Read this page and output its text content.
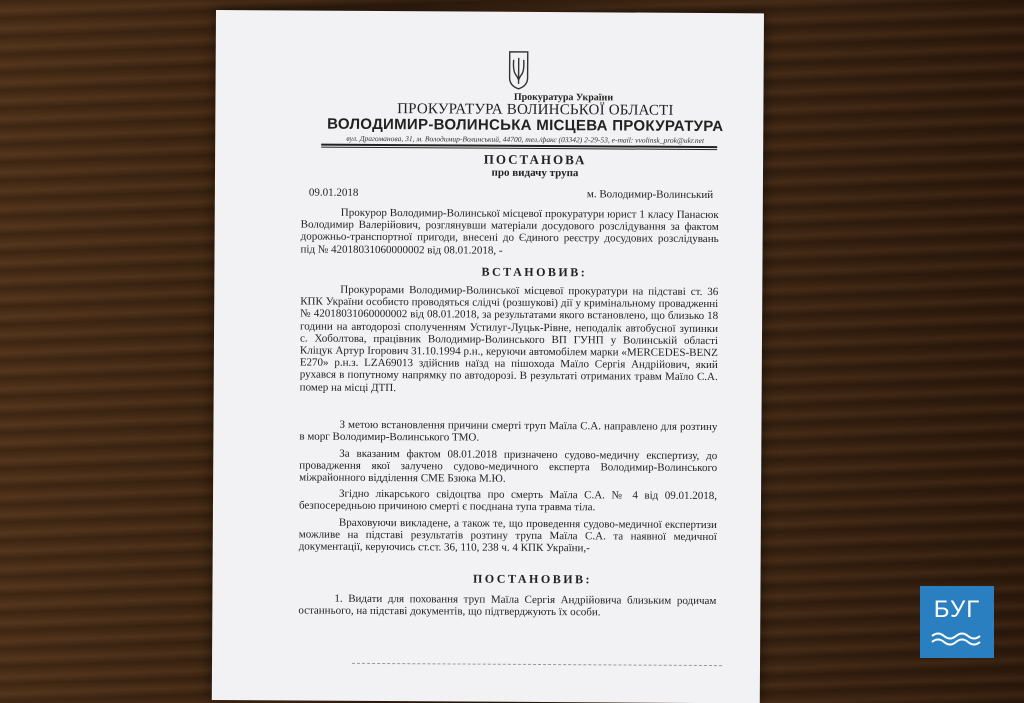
Прокуратура України
ПРОКУРАТУРА ВОЛИНСЬКОЇ ОБЛАСТІ
ВОЛОДИМИР-ВОЛИНСЬКА МІСЦЕВА ПРОКУРАТУРА
вул. Драгоманова, 31, м. Володимир-Волинський, 44700, тел./факс (03342) 2-29-53, e-mail: vvolinsk_prok@ukr.net
ПОСТАНОВА
про видачу трупа
09.01.2018	м. Володимир-Волинський
Прокурор Володимир-Волинської місцевої прокуратури юрист 1 класу Панасюк Володимир Валерійович, розглянувши матеріали досудового розслідування за фактом дорожньо-транспортної пригоди, внесені до Єдиного реєстру досудових розслідувань під № 42018031060000002 від 08.01.2018, -
ВСТАНОВИВ:
Прокурорами Володимир-Волинської місцевої прокуратури на підставі ст. 36 КПК України особисто проводяться слідчі (розшукові) дії у кримінальному провадженні № 42018031060000002 від 08.01.2018, за результатами якого встановлено, що близько 18 години на автодорозі сполученням Устилуг-Луцьк-Рівне, неподалік автобусної зупинки с. Хоболтова, працівник Володимир-Волинського ВП ГУНП у Волинській області Кліцук Артур Ігорович 31.10.1994 р.н., керуючи автомобілем марки «MERCEDES-BENZ E270» р.н.з. LZA69013 здійснив наїзд на пішохода Маїло Сергія Андрійович, який рухався в попутному напрямку по автодорозі. В результаті отриманих травм Маїло С.А. помер на місці ДТП.
З метою встановлення причини смерті труп Маїла С.А. направлено для розтину в морг Володимир-Волинського ТМО.
За вказаним фактом 08.01.2018 призначено судово-медичну експертизу, до провадження якої залучено судово-медичного експерта Володимир-Волинського міжрайонного відділення СМЕ Бзюка М.Ю.
Згідно лікарського свідоцтва про смерть Маїла С.А. № 4 від 09.01.2018, безпосередньою причиною смерті є поєднана тупа травма тіла.
Враховуючи викладене, а також те, що проведення судово-медичної експертизи можливе на підставі результатів розтину трупа Маїла С.А. та наявної медичної документації, керуючись ст.ст. 36, 110, 238 ч. 4 КПК України,-
ПОСТАНОВИВ:
1. Видати для поховання труп Маїла Сергія Андрійовича близьким родичам останнього, на підставі документів, що підтверджують їх особи.	БУГ
